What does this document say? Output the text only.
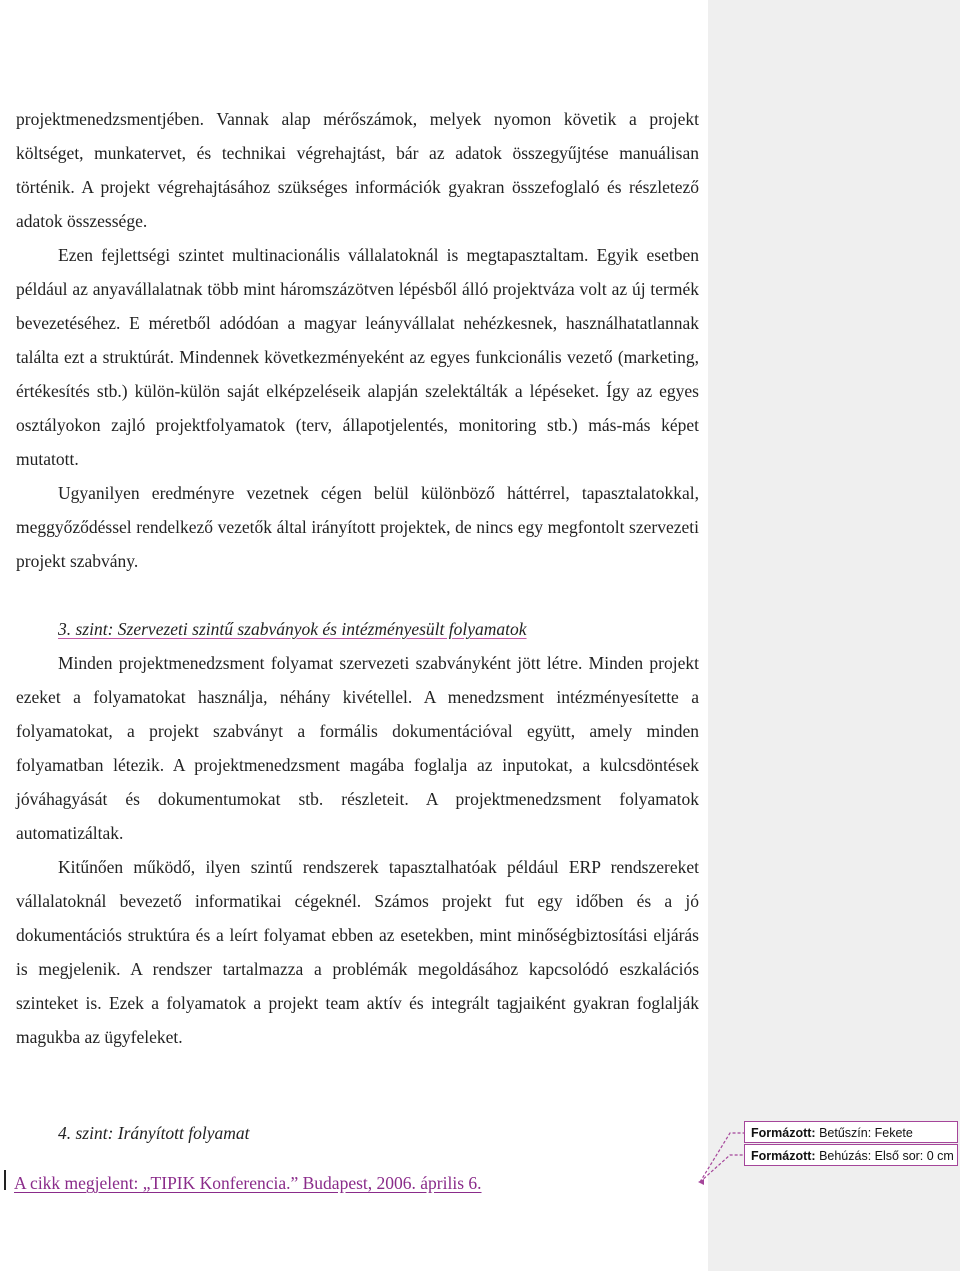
projektmenedzsmentjében. Vannak alap mérőszámok, melyek nyomon követik a projekt költséget, munkatervet, és technikai végrehajtást, bár az adatok összegyűjtése manuálisan történik. A projekt végrehajtásához szükséges információk gyakran összefoglaló és részletező adatok összessége.

Ezen fejlettségi szintet multinacionális vállalatoknál is megtapasztaltam. Egyik esetben például az anyavállalatnak több mint háromszázötven lépésből álló projektváza volt az új termék bevezetéséhez. E méretből adódóan a magyar leányvállalat nehézkesnek, használhatatlannak találta ezt a struktúrát. Mindennek következményeként az egyes funkcionális vezető (marketing, értékesítés stb.) külön-külön saját elképzeléseik alapján szelektálták a lépéseket. Így az egyes osztályokon zajló projektfolyamatok (terv, állapotjelentés, monitoring stb.) más-más képet mutatott.

Ugyanilyen eredményre vezetnek cégen belül különböző háttérrel, tapasztalatokkal, meggyőződéssel rendelkező vezetők által irányított projektek, de nincs egy megfontolt szervezeti projekt szabvány.

3. szint: Szervezeti szintű szabványok és intézményesült folyamatok

Minden projektmenedzsment folyamat szervezeti szabványként jött létre. Minden projekt ezeket a folyamatokat használja, néhány kivétellel. A menedzsment intézményesítette a folyamatokat, a projekt szabványt a formális dokumentációval együtt, amely minden folyamatban létezik. A projektmenedzsment magába foglalja az inputokat, a kulcsdöntések jóváhagyását és dokumentumokat stb. részleteit. A projektmenedzsment folyamatok automatizáltak.

Kitűnően működő, ilyen szintű rendszerek tapasztalhatóak például ERP rendszereket vállalatoknál bevezető informatikai cégeknél. Számos projekt fut egy időben és a jó dokumentációs struktúra és a leírt folyamat ebben az esetekben, mint minőségbiztosítási eljárás is megjelenik. A rendszer tartalmazza a problémák megoldásához kapcsolódó eszkalációs szinteket is. Ezek a folyamatok a projekt team aktív és integrált tagjaiként gyakran foglalják magukba az ügyfeleket.

4. szint: Irányított folyamat
A cikk megjelent: „TIPIK Konferencia.” Budapest, 2006. április 6.
Formázott: Betűszín: Fekete
Formázott: Behúzás: Első sor: 0 cm
